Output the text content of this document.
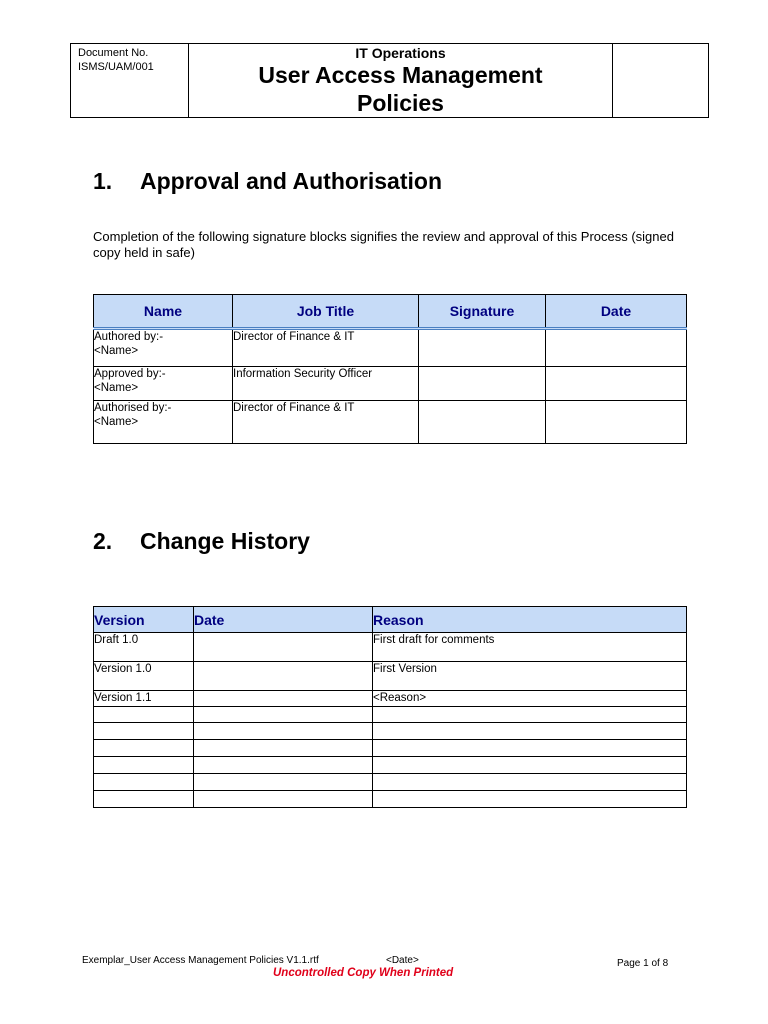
Document No.
ISMS/UAM/001

IT Operations
User Access Management
Policies

1.	Approval and Authorisation

Completion of the following signature blocks signifies the review and approval of this Process (signed copy held in safe)

Name	Job Title	Signature	Date

Authored by:-
<Name>	Director of Finance & IT		

Approved by:-
<Name>	Information Security Officer		

Authorised by:-
<Name>	Director of Finance & IT		
2.	Change History
Version	Date	Reason
Draft 1.0		First draft for comments
Version 1.0		First Version
Version 1.1		<Reason>

Exemplar_User Access Management Policies V1.1.rtf	<Date>	Page 1 of 8
Uncontrolled Copy When Printed
